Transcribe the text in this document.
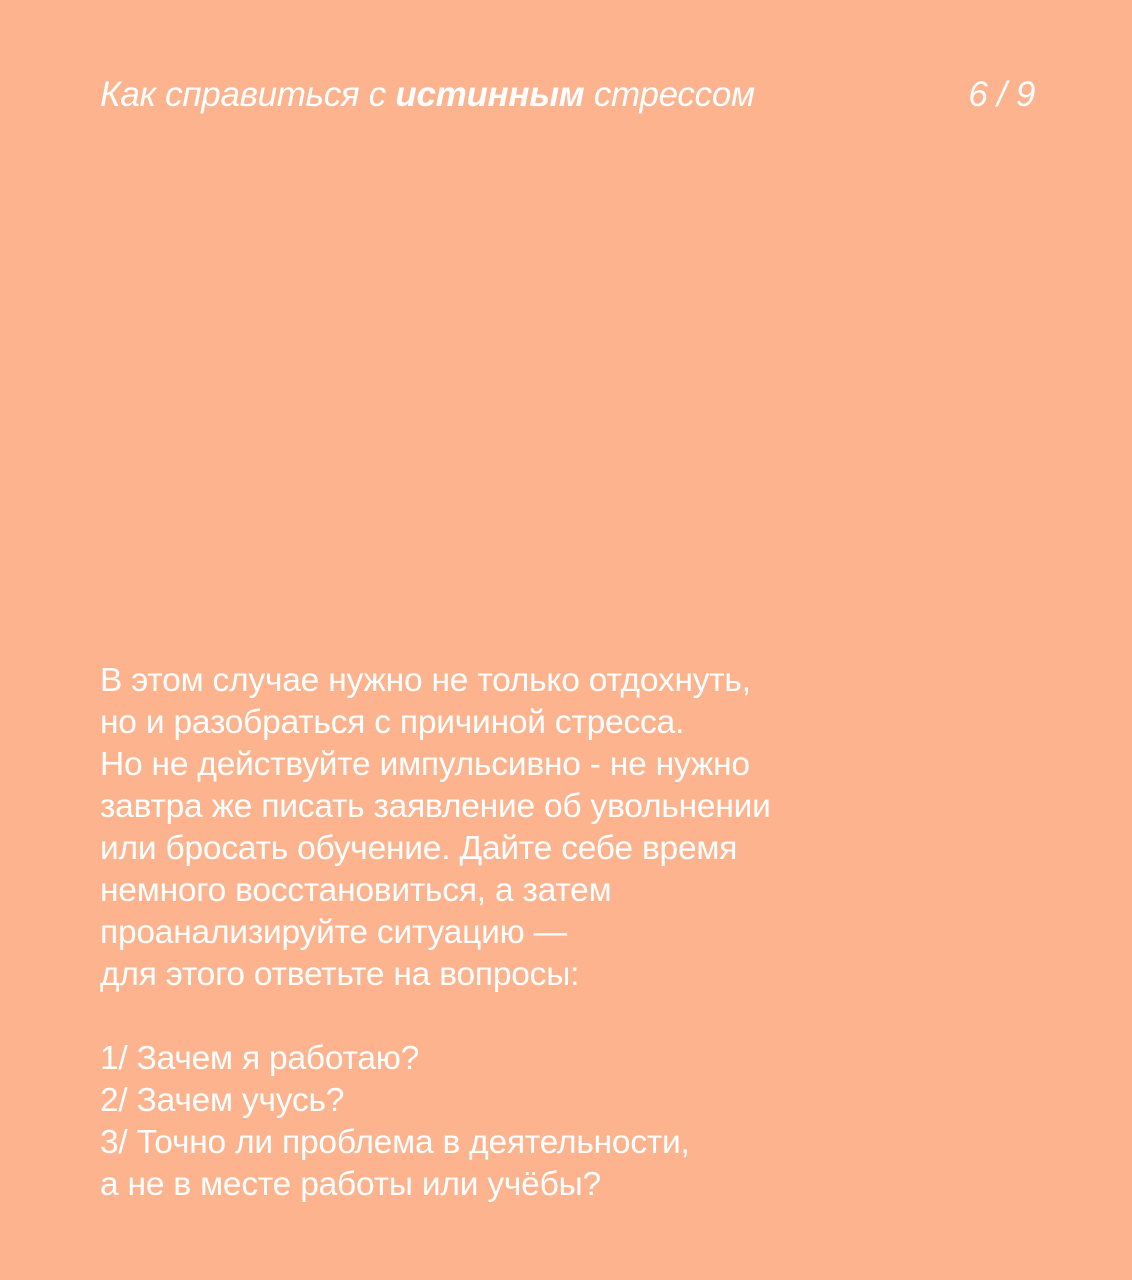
Как справиться с истинным стрессом	6 / 9
В этом случае нужно не только отдохнуть,
но и разобраться с причиной стресса.
Но не действуйте импульсивно - не нужно
завтра же писать заявление об увольнении
или бросать обучение. Дайте себе время
немного восстановиться, а затем
проанализируйте ситуацию —
для этого ответьте на вопросы:
1/ Зачем я работаю?
2/ Зачем учусь?
3/ Точно ли проблема в деятельности,
а не в месте работы или учёбы?
